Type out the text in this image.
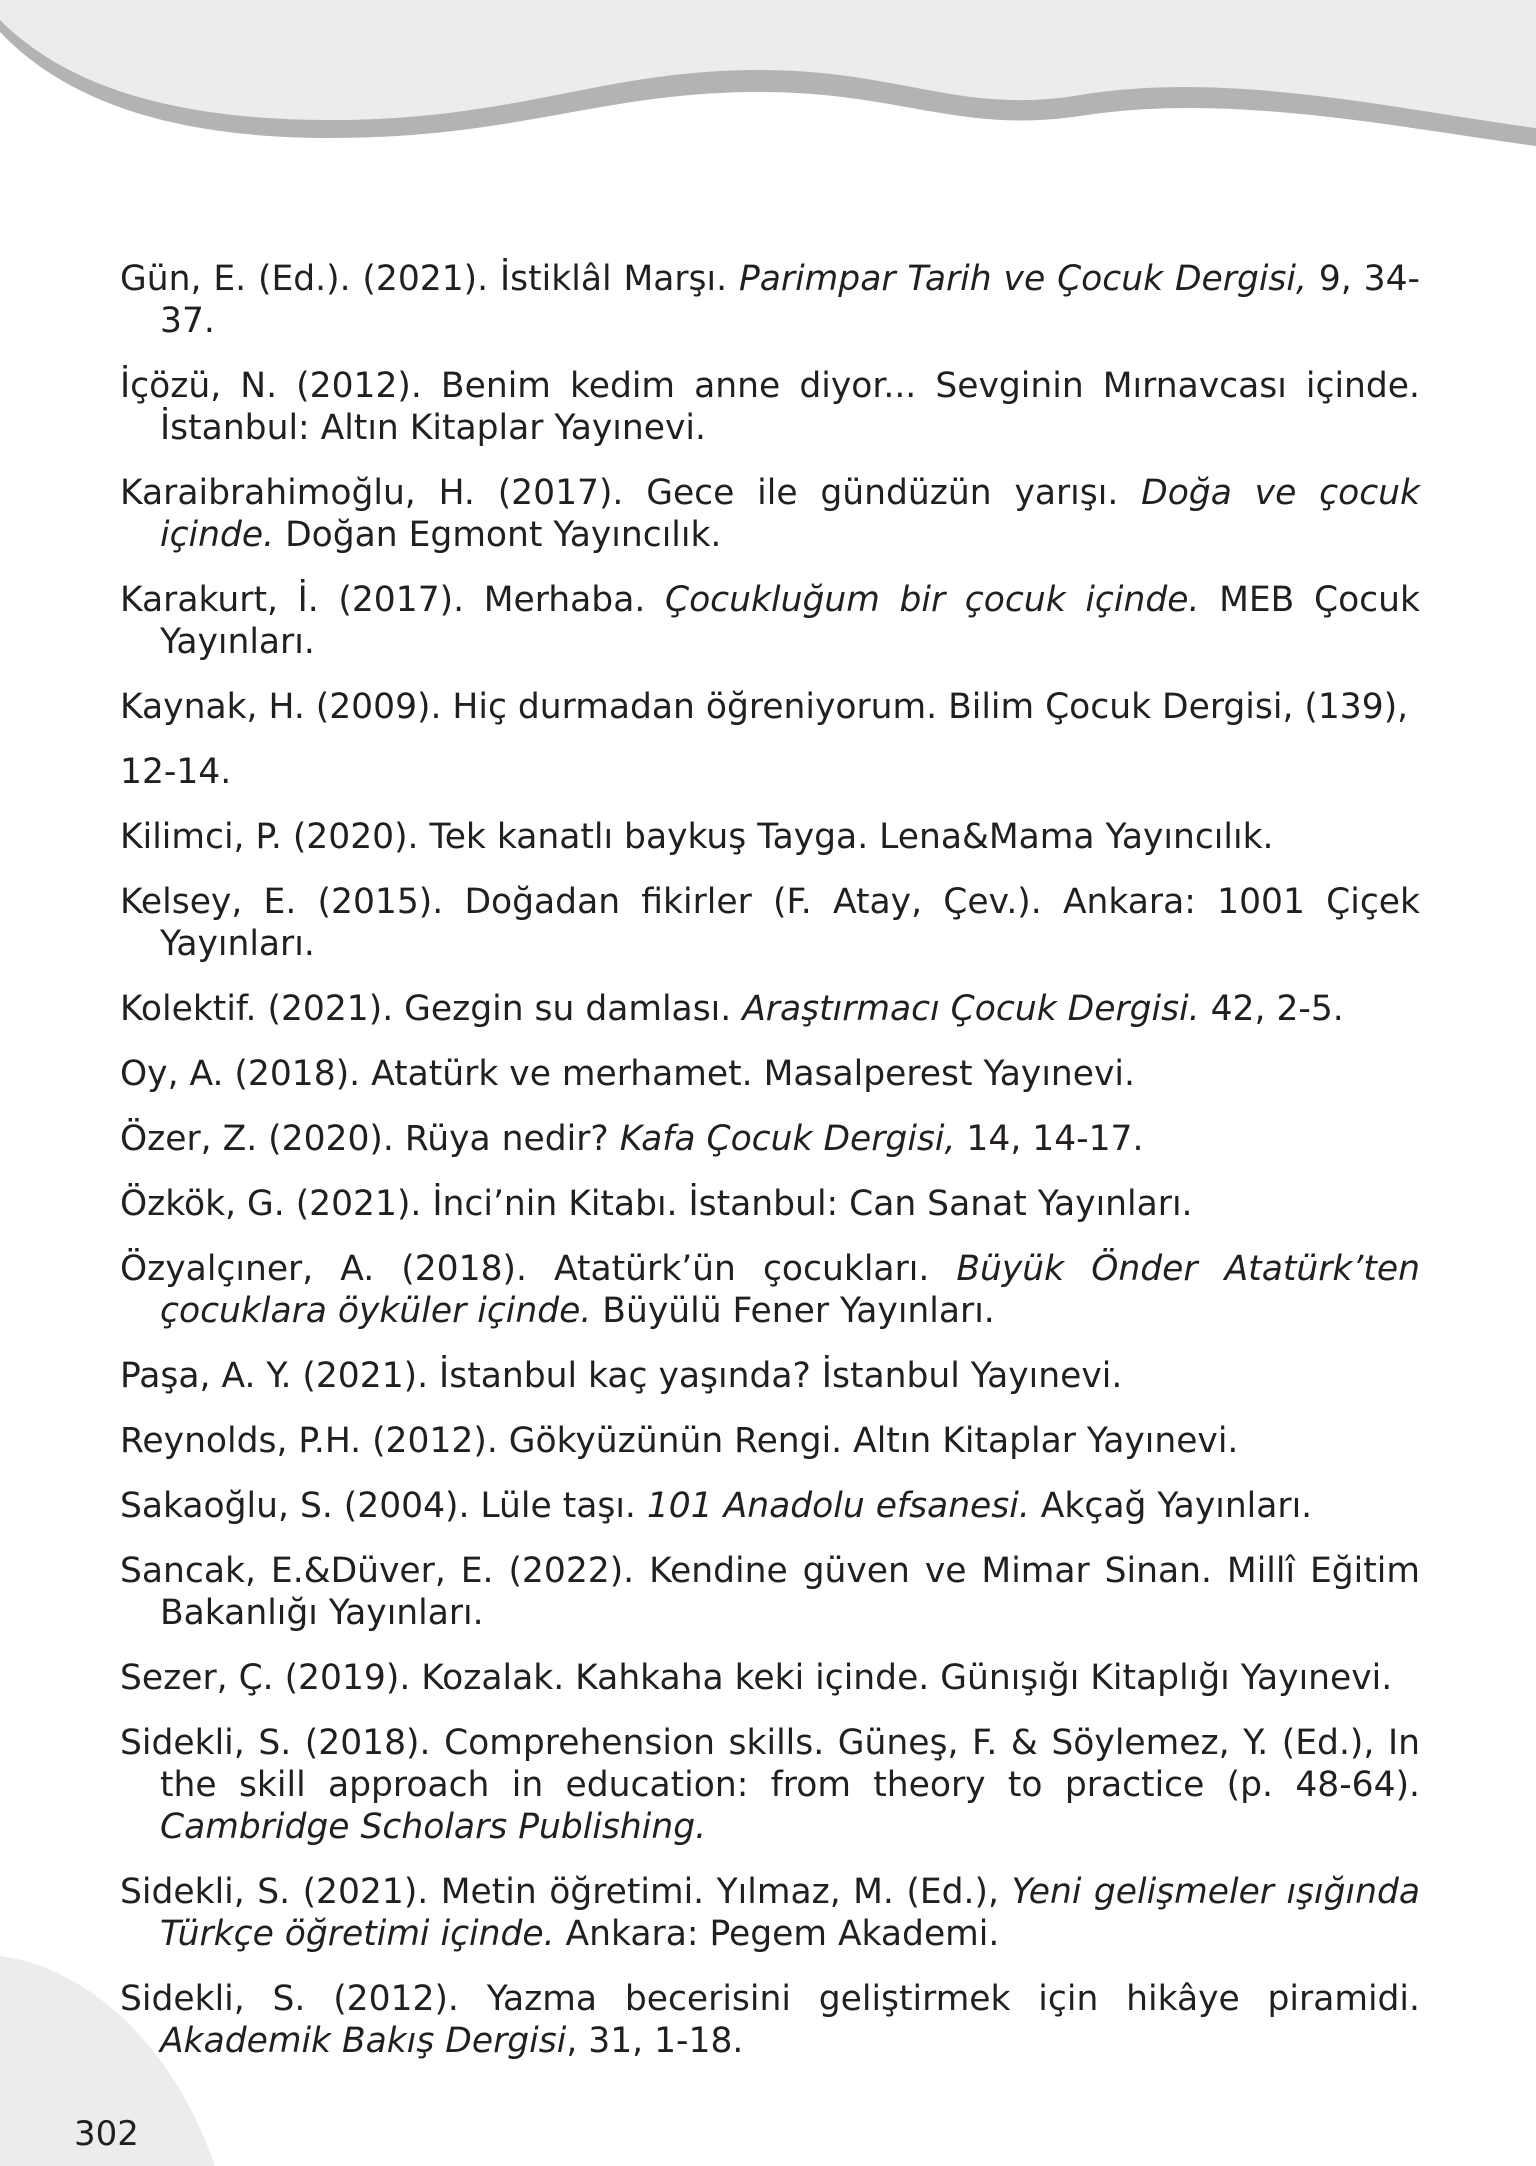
Gün, E. (Ed.). (2021). İstiklâl Marşı. Parimpar Tarih ve Çocuk Dergisi, 9, 34-37.
İçözü, N. (2012). Benim kedim anne diyor... Sevginin Mırnavcası içinde. İstanbul: Altın Kitaplar Yayınevi.
Karaibrahimoğlu, H. (2017). Gece ile gündüzün yarışı. Doğa ve çocuk içinde. Doğan Egmont Yayıncılık.
Karakurt, İ. (2017). Merhaba. Çocukluğum bir çocuk içinde. MEB Çocuk Yayınları.
Kaynak, H. (2009). Hiç durmadan öğreniyorum. Bilim Çocuk Dergisi, (139),
12-14.
Kilimci, P. (2020). Tek kanatlı baykuş Tayga. Lena&Mama Yayıncılık.
Kelsey, E. (2015). Doğadan fikirler (F. Atay, Çev.). Ankara: 1001 Çiçek Yayınları.
Kolektif. (2021). Gezgin su damlası. Araştırmacı Çocuk Dergisi. 42, 2-5.
Oy, A. (2018). Atatürk ve merhamet. Masalperest Yayınevi.
Özer, Z. (2020). Rüya nedir? Kafa Çocuk Dergisi, 14, 14-17.
Özkök, G. (2021). İnci’nin Kitabı. İstanbul: Can Sanat Yayınları.
Özyalçıner, A. (2018). Atatürk’ün çocukları. Büyük Önder Atatürk’ten çocuklara öyküler içinde. Büyülü Fener Yayınları.
Paşa, A. Y. (2021). İstanbul kaç yaşında? İstanbul Yayınevi.
Reynolds, P.H. (2012). Gökyüzünün Rengi. Altın Kitaplar Yayınevi.
Sakaoğlu, S. (2004). Lüle taşı. 101 Anadolu efsanesi. Akçağ Yayınları.
Sancak, E.&Düver, E. (2022). Kendine güven ve Mimar Sinan. Millî Eğitim Bakanlığı Yayınları.
Sezer, Ç. (2019). Kozalak. Kahkaha keki içinde. Günışığı Kitaplığı Yayınevi.
Sidekli, S. (2018). Comprehension skills. Güneş, F. & Söylemez, Y. (Ed.), In the skill approach in education: from theory to practice (p. 48-64). Cambridge Scholars Publishing.
Sidekli, S. (2021). Metin öğretimi. Yılmaz, M. (Ed.), Yeni gelişmeler ışığında Türkçe öğretimi içinde. Ankara: Pegem Akademi.
Sidekli, S. (2012). Yazma becerisini geliştirmek için hikâye piramidi. Akademik Bakış Dergisi, 31, 1-18.
302
